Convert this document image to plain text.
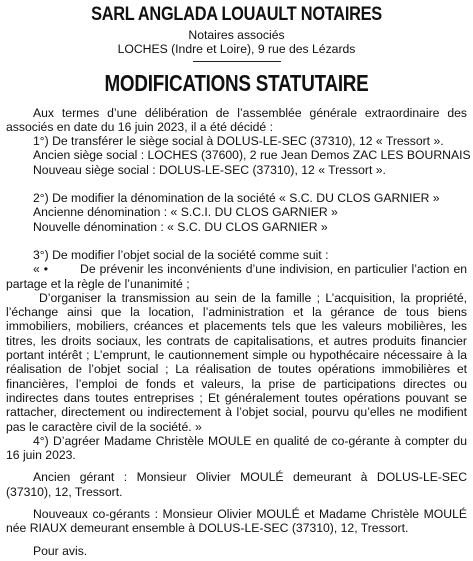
SARL ANGLADA LOUAULT NOTAIRES
Notaires associés
LOCHES (Indre et Loire), 9 rue des Lézards
MODIFICATIONS STATUTAIRE

Aux termes d’une délibération de l’assemblée générale extraordinaire des associés en date du 16 juin 2023, il a été décidé :

1°) De transférer le siège social à DOLUS-LE-SEC (37310), 12 « Tressort ».

Ancien siège social : LOCHES (37600), 2 rue Jean Demos ZAC LES BOURNAIS

Nouveau siège social : DOLUS-LE-SEC (37310), 12 « Tressort ».

2°) De modifier la dénomination de la société « S.C. DU CLOS GARNIER »

Ancienne dénomination : « S.C.I. DU CLOS GARNIER »

Nouvelle dénomination : « S.C. DU CLOS GARNIER »

3°) De modifier l’objet social de la société comme suit :

« •        De prévenir les inconvénients d’une indivision, en particulier l’action en partage et la règle de l’unanimité ;

D’organiser la transmission au sein de la famille ; L’acquisition, la propriété, l’échange ainsi que la location, l’administration et la gérance de tous biens immobiliers, mobiliers, créances et placements tels que les valeurs mobilières, les titres, les droits sociaux, les contrats de capitalisations, et autres produits financier portant intérêt ; L’emprunt, le cautionnement simple ou hypothécaire nécessaire à la réalisation de l’objet social ; La réalisation de toutes opérations immobilières et financières, l’emploi de fonds et valeurs, la prise de participations directes ou indirectes dans toutes entreprises ; Et généralement toutes opérations pouvant se rattacher, directement ou indirectement à l’objet social, pourvu qu’elles ne modifient pas le caractère civil de la société. »

4°) D’agréer Madame Christèle MOULE en qualité de co-gérante à compter du 16 juin 2023.

Ancien gérant : Monsieur Olivier MOULÉ demeurant à DOLUS-LE-SEC (37310), 12, Tressort.

Nouveaux co-gérants : Monsieur Olivier MOULÉ et Madame Christèle MOULÉ née RIAUX demeurant ensemble à DOLUS-LE-SEC (37310), 12, Tressort.

Pour avis.
